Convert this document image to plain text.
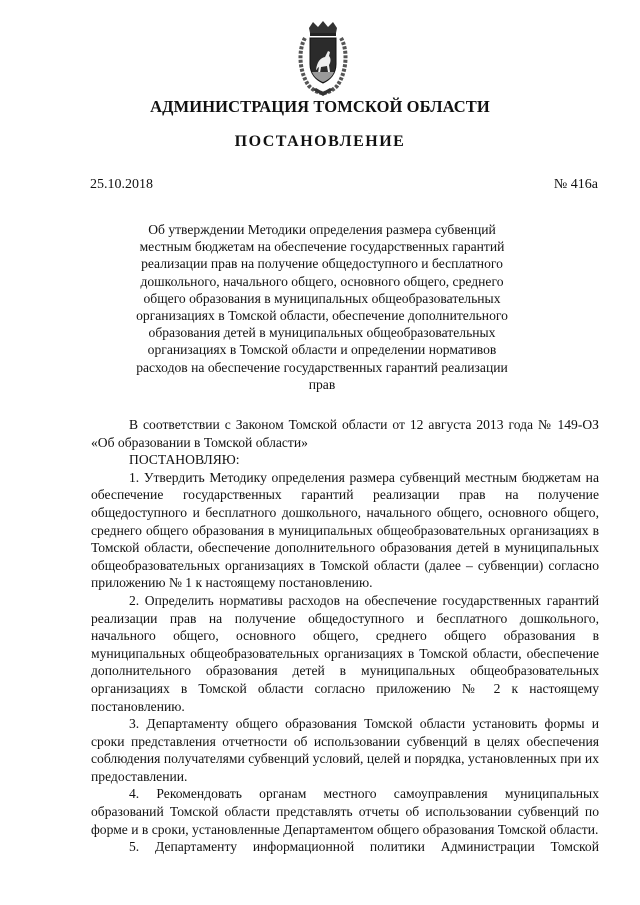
АДМИНИСТРАЦИЯ ТОМСКОЙ ОБЛАСТИ
ПОСТАНОВЛЕНИЕ
25.10.2018	№ 416а
Об утверждении Методики определения размера субвенций местным бюджетам на обеспечение государственных гарантий реализации прав на получение общедоступного и бесплатного дошкольного, начального общего, основного общего, среднего общего образования в муниципальных общеобразовательных организациях в Томской области, обеспечение дополнительного образования детей в муниципальных общеобразовательных организациях в Томской области и определении нормативов расходов на обеспечение государственных гарантий реализации прав

В соответствии с Законом Томской области от 12 августа 2013 года № 149-ОЗ «Об образовании в Томской области»

ПОСТАНОВЛЯЮ:

1. Утвердить Методику определения размера субвенций местным бюджетам на обеспечение государственных гарантий реализации прав на получение общедоступного и бесплатного дошкольного, начального общего, основного общего, среднего общего образования в муниципальных общеобразовательных организациях в Томской области, обеспечение дополнительного образования детей в муниципальных общеобразовательных организациях в Томской области (далее – субвенции) согласно приложению № 1 к настоящему постановлению.

2. Определить нормативы расходов на обеспечение государственных гарантий реализации прав на получение общедоступного и бесплатного дошкольного, начального общего, основного общего, среднего общего образования в муниципальных общеобразовательных организациях в Томской области, обеспечение дополнительного образования детей в муниципальных общеобразовательных организациях в Томской области согласно приложению № 2 к настоящему постановлению.

3. Департаменту общего образования Томской области установить формы и сроки представления отчетности об использовании субвенций в целях обеспечения соблюдения получателями субвенций условий, целей и порядка, установленных при их предоставлении.

4. Рекомендовать органам местного самоуправления муниципальных образований Томской области представлять отчеты об использовании субвенций по форме и в сроки, установленные Департаментом общего образования Томской области.

5. Департаменту информационной политики Администрации Томской
